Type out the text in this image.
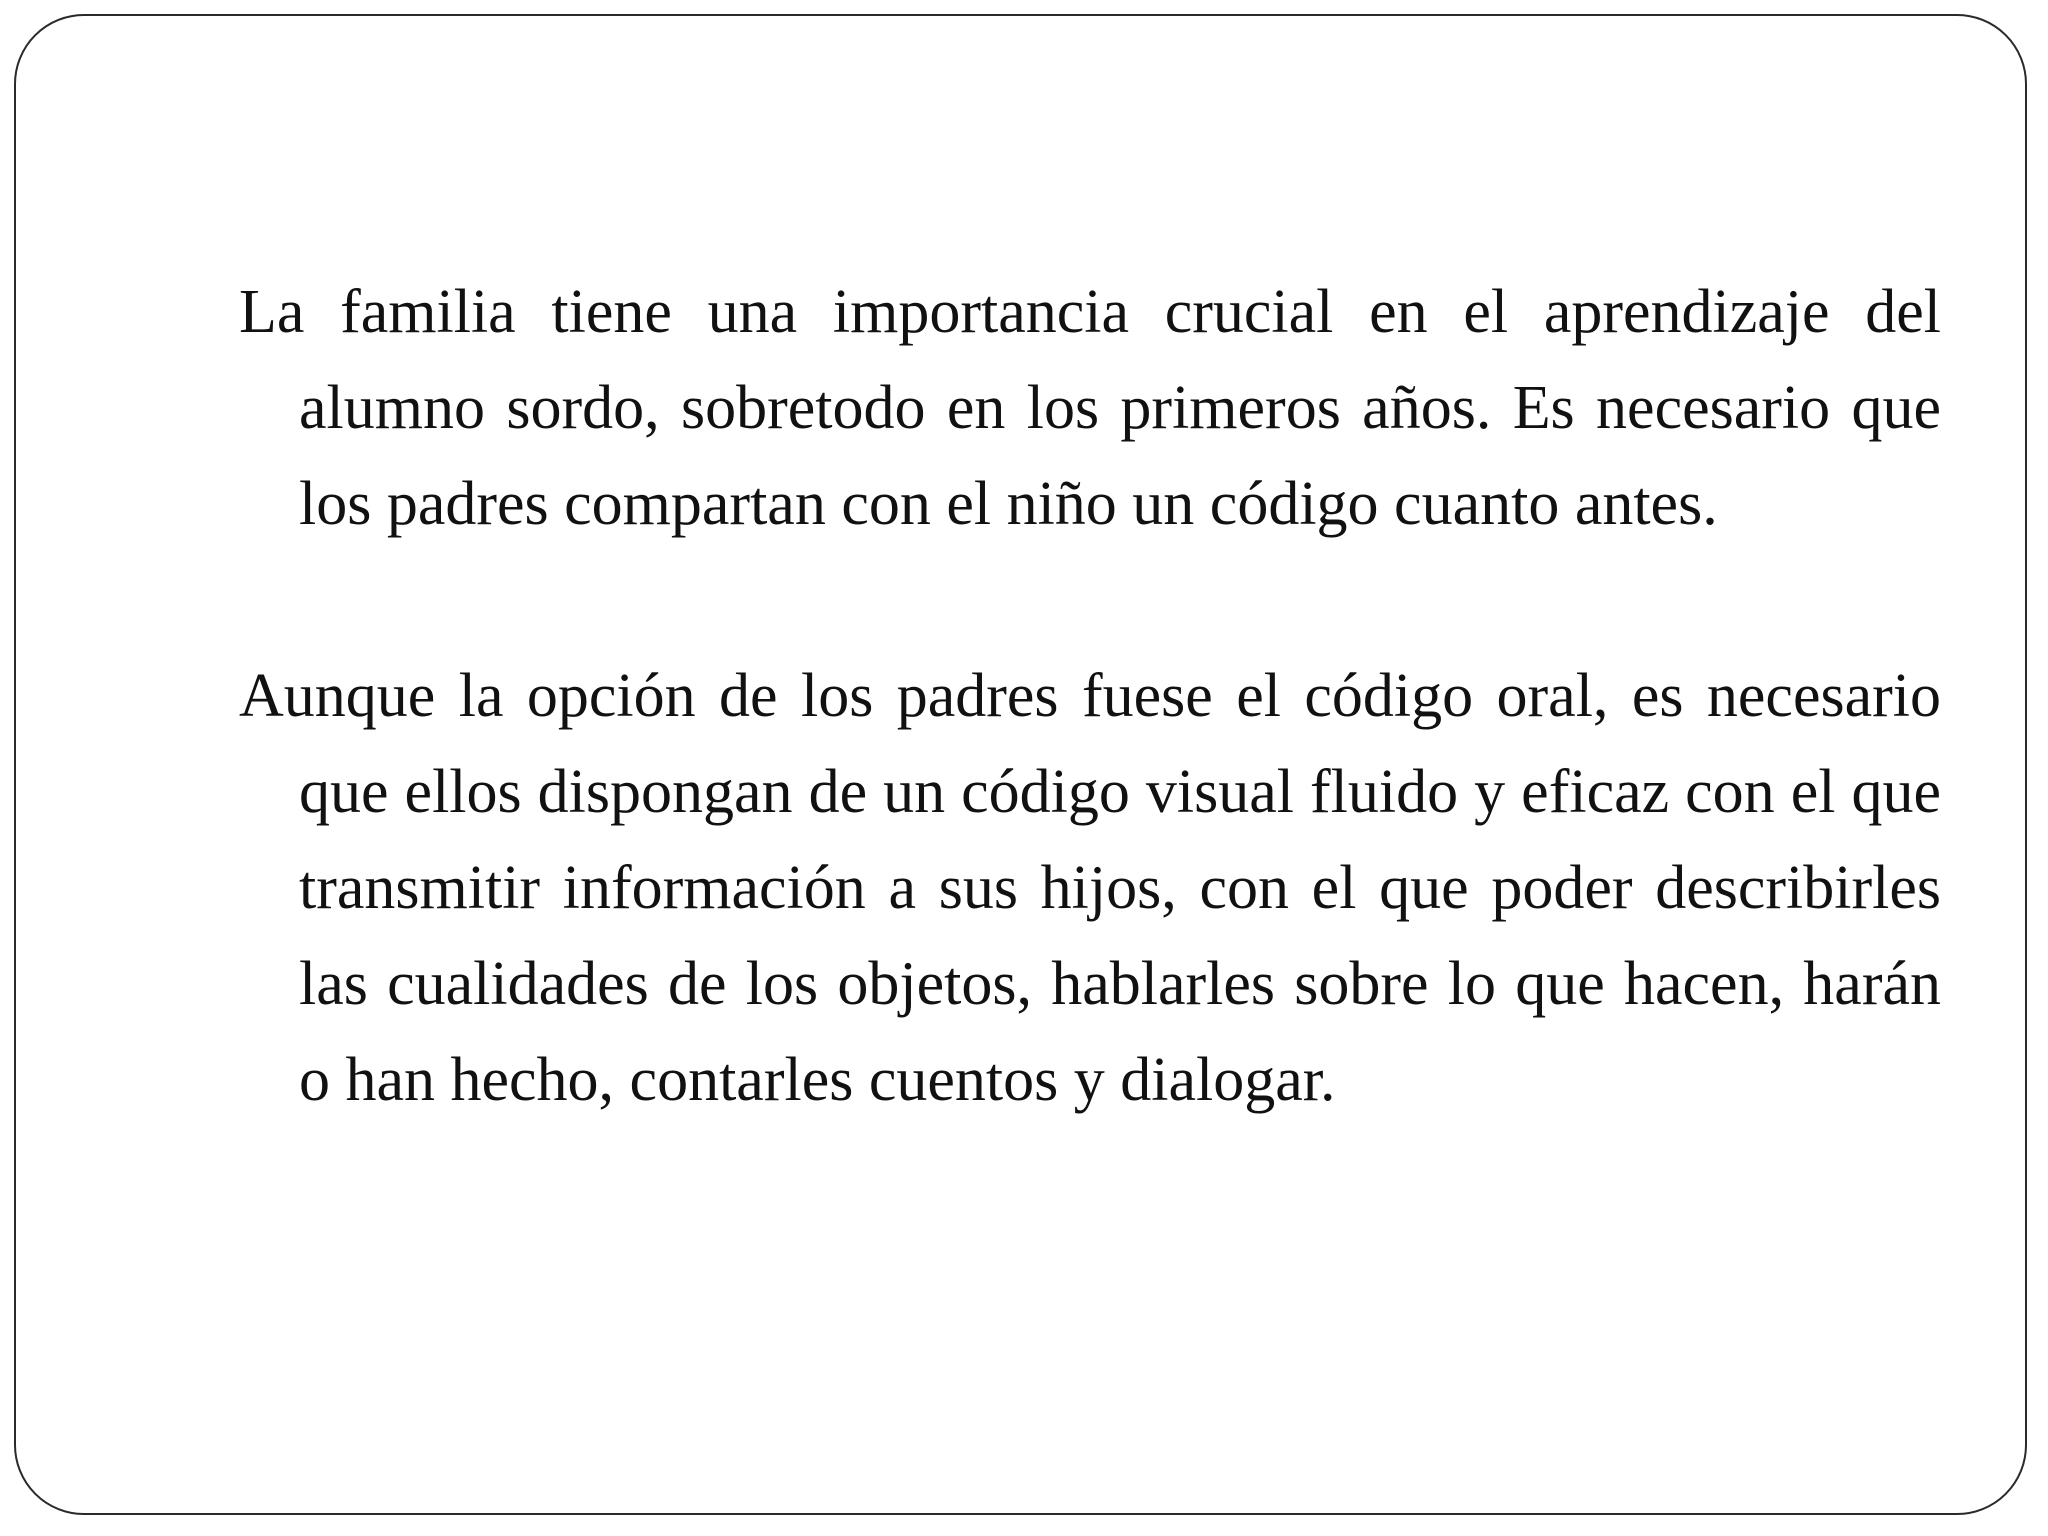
La familia tiene una importancia crucial en el aprendizaje del alumno sordo, sobretodo en los primeros años. Es necesario que los padres compartan con el niño un código cuanto antes.

Aunque la opción de los padres fuese el código oral, es necesario que ellos dispongan de un código visual fluido y eficaz con el que transmitir información a sus hijos, con el que poder describirles las cualidades de los objetos, hablarles sobre lo que hacen, harán o han hecho, contarles cuentos y dialogar.
